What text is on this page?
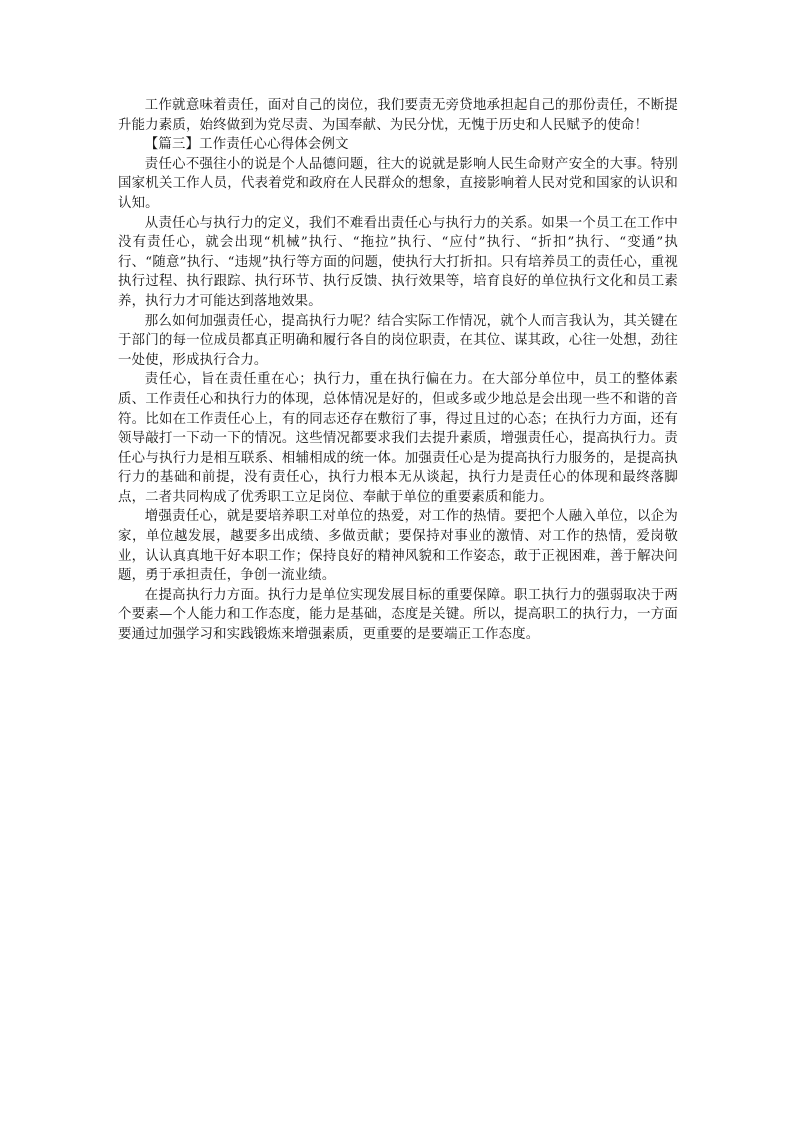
工作就意味着责任，面对自己的岗位，我们要责无旁贷地承担起自己的那份责任，不断提升能力素质，始终做到为党尽责、为国奉献、为民分忧，无愧于历史和人民赋予的使命！

【篇三】工作责任心心得体会例文

责任心不强往小的说是个人品德问题，往大的说就是影响人民生命财产安全的大事。特别国家机关工作人员，代表着党和政府在人民群众的想象，直接影响着人民对党和国家的认识和认知。

从责任心与执行力的定义，我们不难看出责任心与执行力的关系。如果一个员工在工作中没有责任心，就会出现“机械”执行、“拖拉”执行、“应付”执行、“折扣”执行、“变通”执行、“随意”执行、“违规”执行等方面的问题，使执行大打折扣。只有培养员工的责任心，重视执行过程、执行跟踪、执行环节、执行反馈、执行效果等，培育良好的单位执行文化和员工素养，执行力才可能达到落地效果。

那么如何加强责任心，提高执行力呢？结合实际工作情况，就个人而言我认为，其关键在于部门的每一位成员都真正明确和履行各自的岗位职责，在其位、谋其政，心往一处想，劲往一处使，形成执行合力。

责任心，旨在责任重在心；执行力，重在执行偏在力。在大部分单位中，员工的整体素质、工作责任心和执行力的体现，总体情况是好的，但或多或少地总是会出现一些不和谐的音符。比如在工作责任心上，有的同志还存在敷衍了事，得过且过的心态；在执行力方面，还有领导敲打一下动一下的情况。这些情况都要求我们去提升素质，增强责任心，提高执行力。责任心与执行力是相互联系、相辅相成的统一体。加强责任心是为提高执行力服务的，是提高执行力的基础和前提，没有责任心，执行力根本无从谈起，执行力是责任心的体现和最终落脚点，二者共同构成了优秀职工立足岗位、奉献于单位的重要素质和能力。

增强责任心，就是要培养职工对单位的热爱，对工作的热情。要把个人融入单位，以企为家，单位越发展，越要多出成绩、多做贡献；要保持对事业的激情、对工作的热情，爱岗敬业，认认真真地干好本职工作；保持良好的精神风貌和工作姿态，敢于正视困难，善于解决问题，勇于承担责任，争创一流业绩。

在提高执行力方面。执行力是单位实现发展目标的重要保障。职工执行力的强弱取决于两个要素—个人能力和工作态度，能力是基础，态度是关键。所以，提高职工的执行力，一方面要通过加强学习和实践锻炼来增强素质，更重要的是要端正工作态度。
